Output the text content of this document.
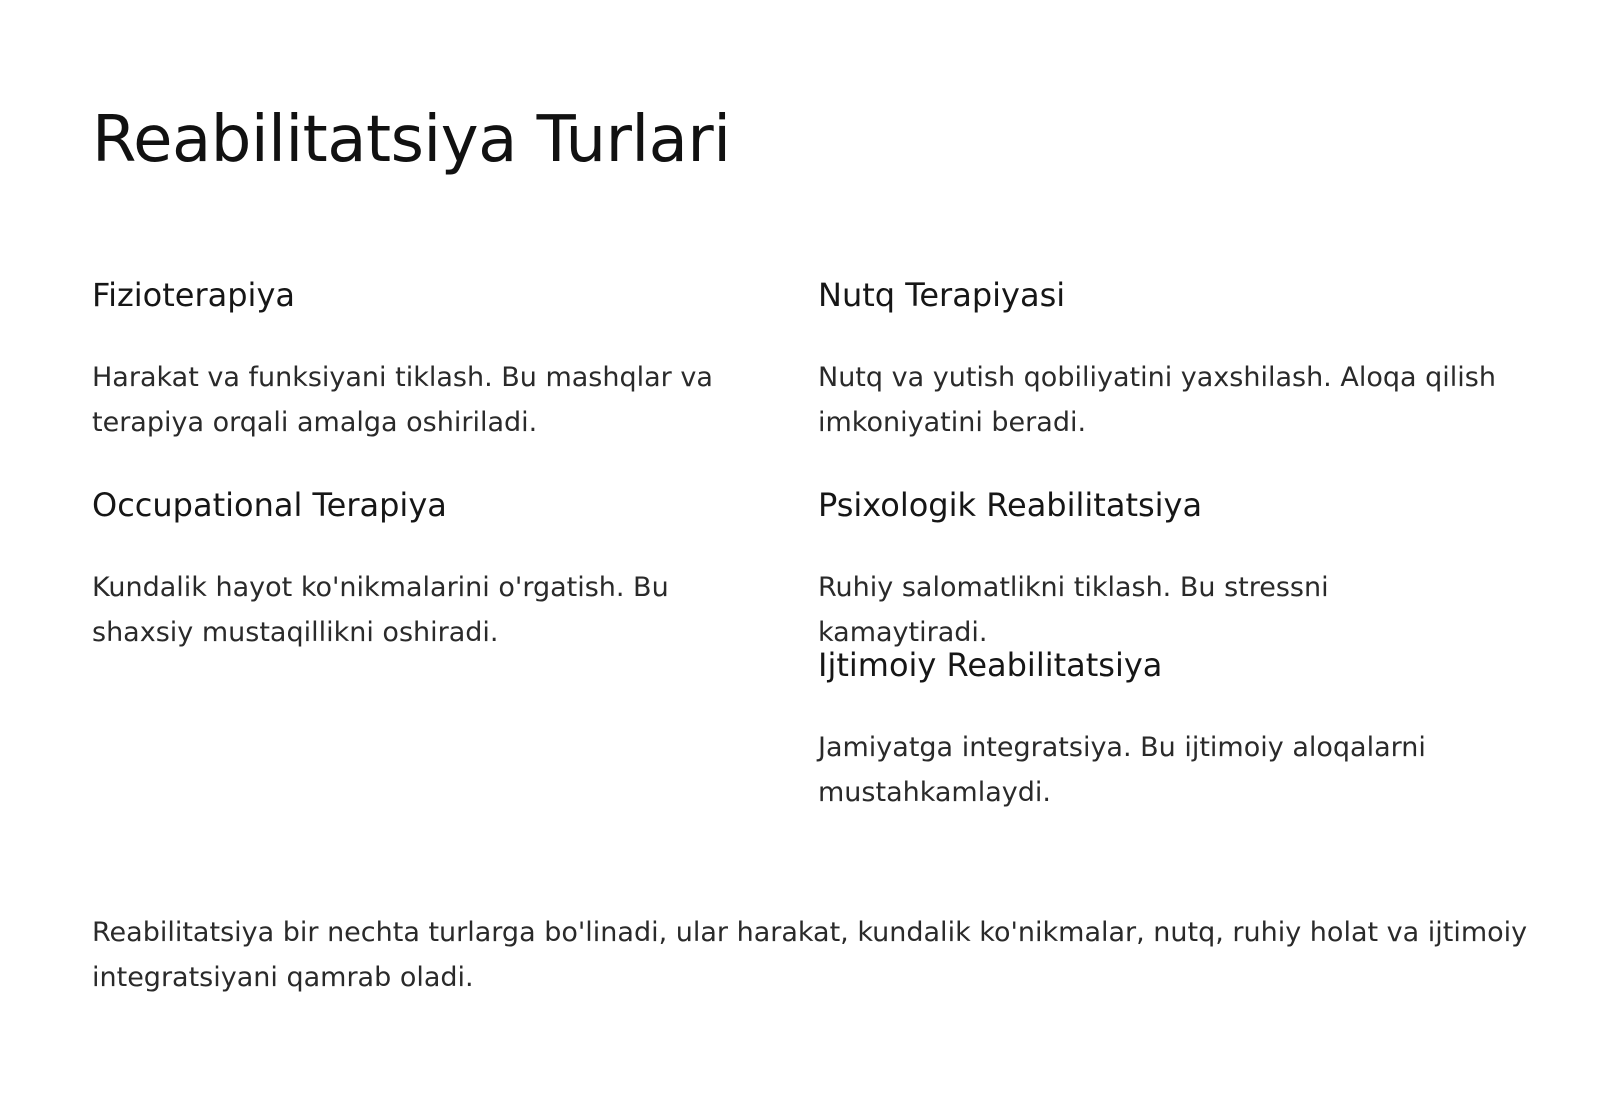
Reabilitatsiya Turlari
Fizioterapiya

Harakat va funksiyani tiklash. Bu mashqlar va terapiya orqali amalga oshiriladi.

Nutq Terapiyasi

Nutq va yutish qobiliyatini yaxshilash. Aloqa qilish imkoniyatini beradi.

Occupational Terapiya

Kundalik hayot ko'nikmalarini o'rgatish. Bu shaxsiy mustaqillikni oshiradi.

Psixologik Reabilitatsiya

Ruhiy salomatlikni tiklash. Bu stressni kamaytiradi.

Ijtimoiy Reabilitatsiya

Jamiyatga integratsiya. Bu ijtimoiy aloqalarni mustahkamlaydi.

Reabilitatsiya bir nechta turlarga bo'linadi, ular harakat, kundalik ko'nikmalar, nutq, ruhiy holat va ijtimoiy integratsiyani qamrab oladi.
